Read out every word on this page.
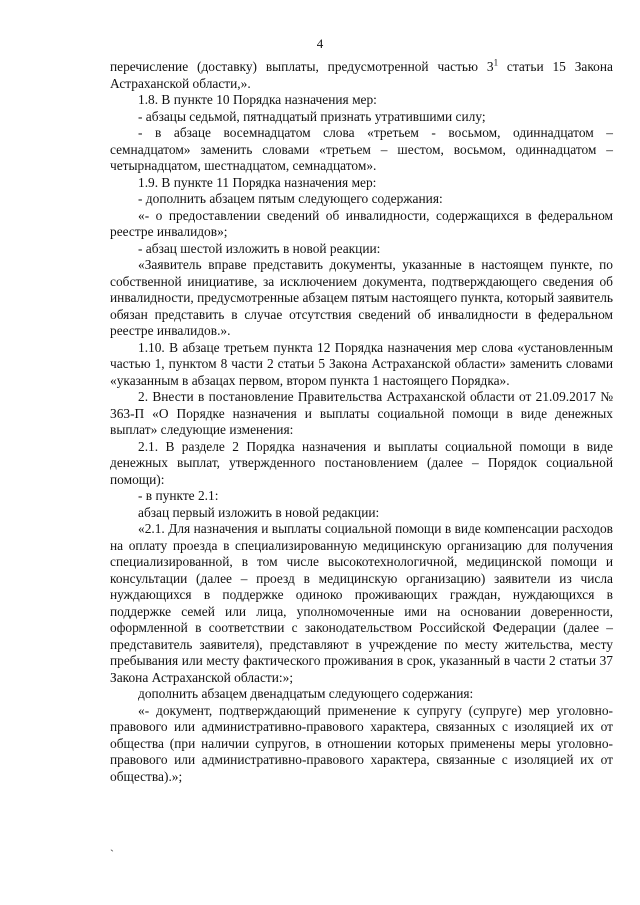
4

перечисление (доставку) выплаты, предусмотренной частью $3^1$ статьи 15 Закона Астраханской области,».

1.8. В пункте 10 Порядка назначения мер:

- абзацы седьмой, пятнадцатый признать утратившими силу;

- в абзаце восемнадцатом слова «третьем - восьмом, одиннадцатом – семнадцатом» заменить словами «третьем – шестом, восьмом, одиннадцатом – четырнадцатом, шестнадцатом, семнадцатом».

1.9. В пункте 11 Порядка назначения мер:

- дополнить абзацем пятым следующего содержания:

«- о предоставлении сведений об инвалидности, содержащихся в федеральном реестре инвалидов»;

- абзац шестой изложить в новой реакции:

«Заявитель вправе представить документы, указанные в настоящем пункте, по собственной инициативе, за исключением документа, подтверждающего сведения об инвалидности, предусмотренные абзацем пятым настоящего пункта, который заявитель обязан представить в случае отсутствия сведений об инвалидности в федеральном реестре инвалидов.».

1.10. В абзаце третьем пункта 12 Порядка назначения мер слова «установленным частью 1, пунктом 8 части 2 статьи 5 Закона Астраханской области» заменить словами «указанным в абзацах первом, втором пункта 1 настоящего Порядка».

2. Внести в постановление Правительства Астраханской области от 21.09.2017 № 363-П «О Порядке назначения и выплаты социальной помощи в виде денежных выплат» следующие изменения:

2.1. В разделе 2 Порядка назначения и выплаты социальной помощи в виде денежных выплат, утвержденного постановлением (далее – Порядок социальной помощи):

- в пункте 2.1:

абзац первый изложить в новой редакции:

«2.1. Для назначения и выплаты социальной помощи в виде компенсации расходов на оплату проезда в специализированную медицинскую организацию для получения специализированной, в том числе высокотехнологичной, медицинской помощи и консультации (далее – проезд в медицинскую организацию) заявители из числа нуждающихся в поддержке одиноко проживающих граждан, нуждающихся в поддержке семей или лица, уполномоченные ими на основании доверенности, оформленной в соответствии с законодательством Российской Федерации (далее – представитель заявителя), представляют в учреждение по месту жительства, месту пребывания или месту фактического проживания в срок, указанный в части 2 статьи 37 Закона Астраханской области:»;

дополнить абзацем двенадцатым следующего содержания:

«- документ, подтверждающий применение к супругу (супруге) мер уголовно-правового или административно-правового характера, связанных с изоляцией их от общества (при наличии супругов, в отношении которых применены меры уголовно-правового или административно-правового характера, связанные с изоляцией их от общества).»;

`
